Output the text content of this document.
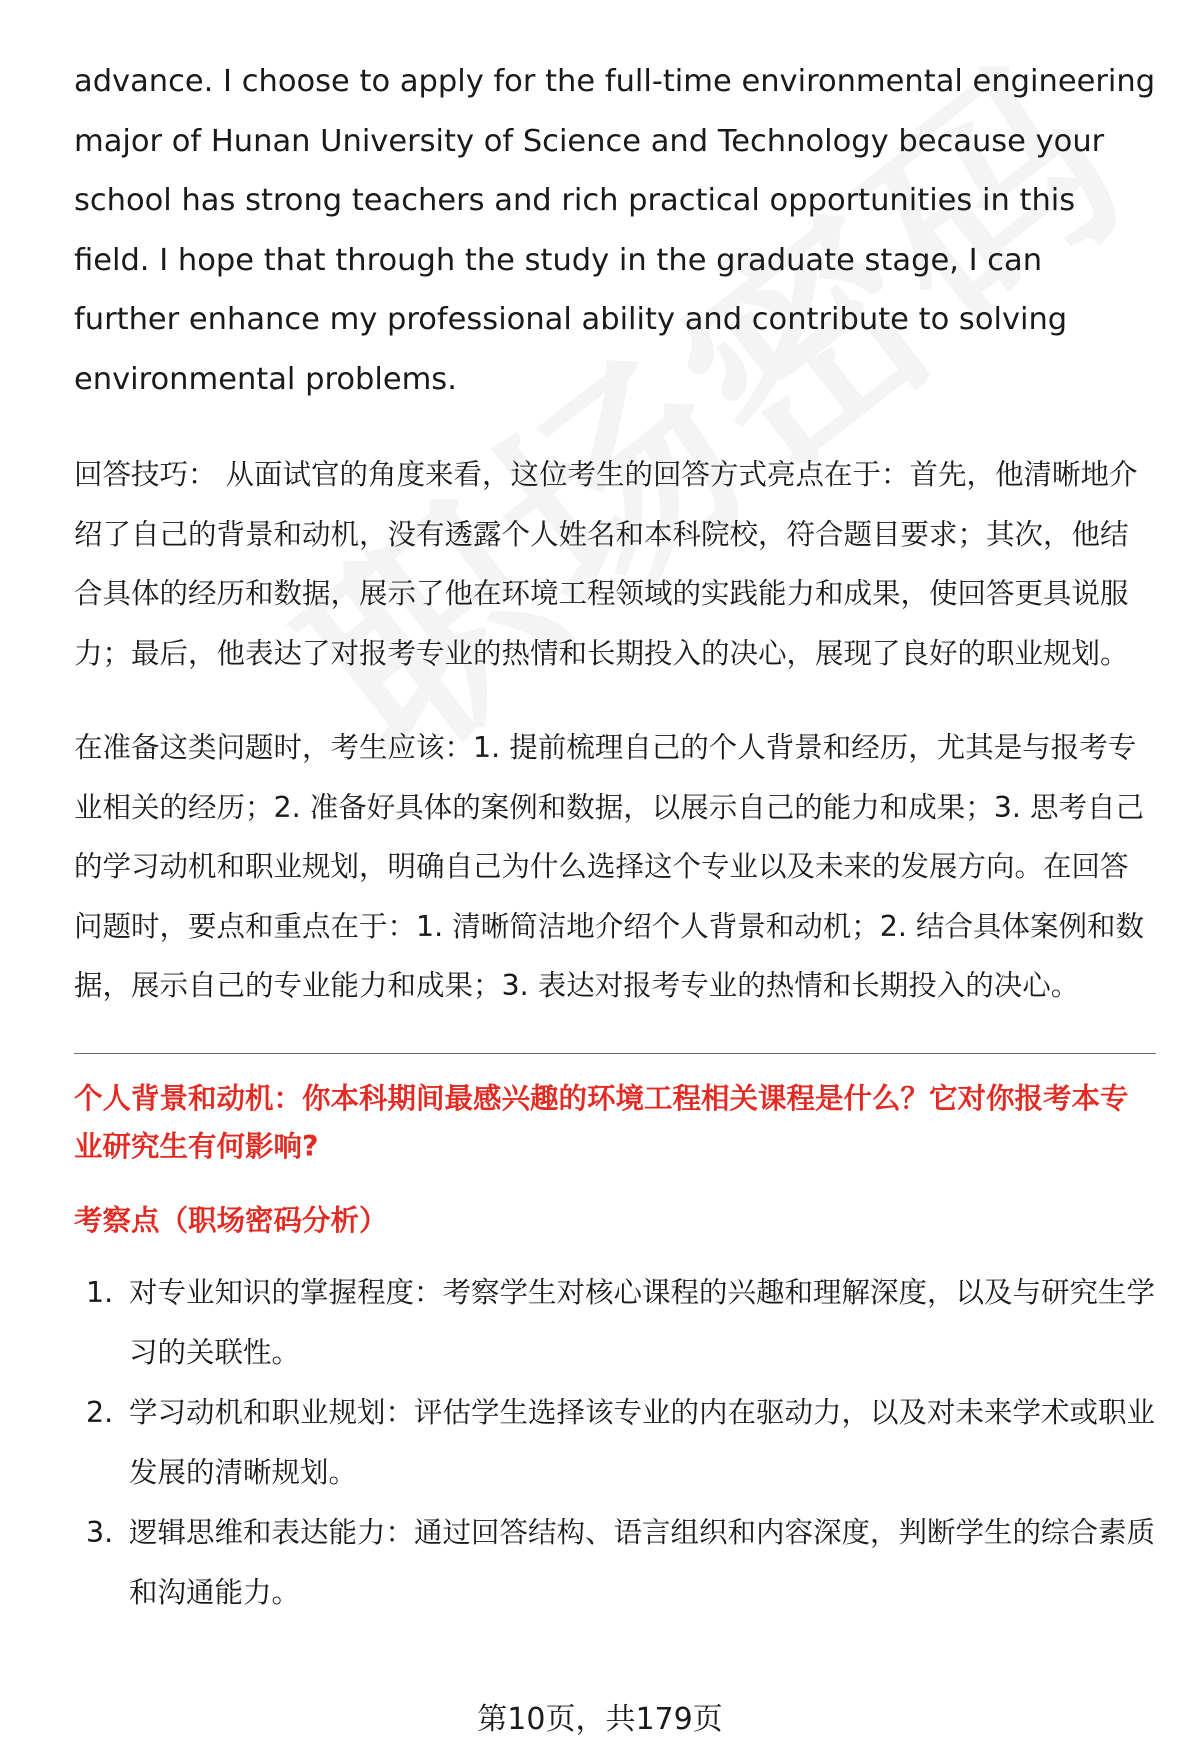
advance. I choose to apply for the full-time environmental engineering major of Hunan University of Science and Technology because your school has strong teachers and rich practical opportunities in this field. I hope that through the study in the graduate stage, I can further enhance my professional ability and contribute to solving environmental problems.

回答技巧： 从面试官的角度来看，这位考生的回答方式亮点在于：首先，他清晰地介绍了自己的背景和动机，没有透露个人姓名和本科院校，符合题目要求；其次，他结合具体的经历和数据，展示了他在环境工程领域的实践能力和成果，使回答更具说服力；最后，他表达了对报考专业的热情和长期投入的决心，展现了良好的职业规划。

在准备这类问题时，考生应该：1. 提前梳理自己的个人背景和经历，尤其是与报考专业相关的经历；2. 准备好具体的案例和数据，以展示自己的能力和成果；3. 思考自己的学习动机和职业规划，明确自己为什么选择这个专业以及未来的发展方向。在回答问题时，要点和重点在于：1. 清晰简洁地介绍个人背景和动机；2. 结合具体案例和数据，展示自己的专业能力和成果；3. 表达对报考专业的热情和长期投入的决心。

个人背景和动机：你本科期间最感兴趣的环境工程相关课程是什么？它对你报考本专业研究生有何影响?

考察点（职场密码分析）

1. 对专业知识的掌握程度：考察学生对核心课程的兴趣和理解深度，以及与研究生学习的关联性。
2. 学习动机和职业规划：评估学生选择该专业的内在驱动力，以及对未来学术或职业发展的清晰规划。
3. 逻辑思维和表达能力：通过回答结构、语言组织和内容深度，判断学生的综合素质和沟通能力。
第10页，共179页
